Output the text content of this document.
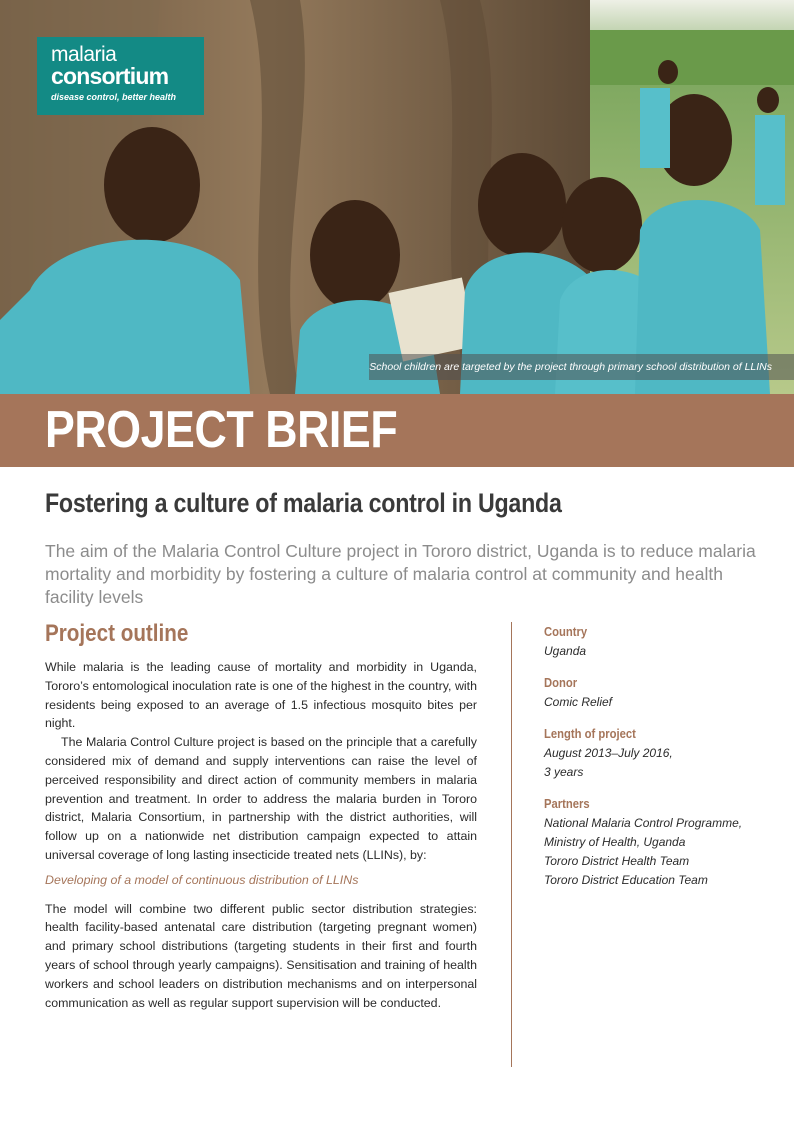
malaria
consortium
disease control, better health
School children are targeted by the project through primary school distribution of LLINs
PROJECT BRIEF
Fostering a culture of malaria control in Uganda
The aim of the Malaria Control Culture project in Tororo district, Uganda is to reduce malaria mortality and morbidity by fostering a culture of malaria control at community and health facility levels
Project outline

While malaria is the leading cause of mortality and morbidity in Uganda, Tororo’s entomological inoculation rate is one of the highest in the country, with residents being exposed to an average of 1.5 infectious mosquito bites per night.

The Malaria Control Culture project is based on the principle that a carefully considered mix of demand and supply interventions can raise the level of perceived responsibility and direct action of community members in malaria prevention and treatment. In order to address the malaria burden in Tororo district, Malaria Consortium, in partnership with the district authorities, will follow up on a nationwide net distribution campaign expected to attain universal coverage of long lasting insecticide treated nets (LLINs), by:

Developing of a model of continuous distribution of LLINs

The model will combine two different public sector distribution strategies: health facility-based antenatal care distribution (targeting pregnant women) and primary school distributions (targeting students in their first and fourth years of school through yearly campaigns). Sensitisation and training of health workers and school leaders on distribution mechanisms and on interpersonal communication as well as regular support supervision will be conducted.

Country
Uganda
Donor
Comic Relief
Length of project
August 2013–July 2016,
3 years
Partners
National Malaria Control Programme,
Ministry of Health, Uganda
Tororo District Health Team
Tororo District Education Team
